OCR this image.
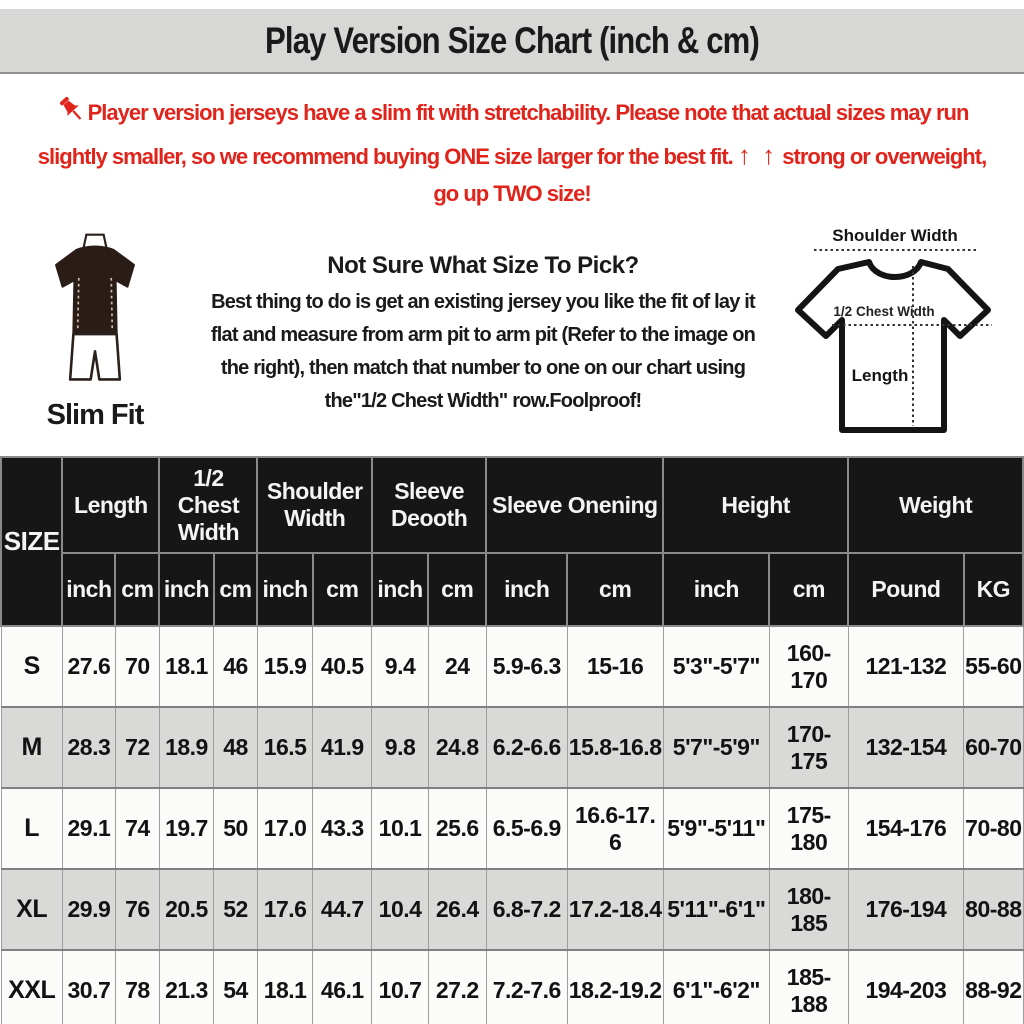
Play Version Size Chart (inch & cm)
Player version jerseys have a slim fit with stretchability. Please note that actual sizes may run
slightly smaller, so we recommend buying ONE size larger for the best fit. ↑ ↑ strong or overweight,
go up TWO size!
Slim Fit
Not Sure What Size To Pick?
Best thing to do is get an existing jersey you like the fit of lay it
flat and measure from arm pit to arm pit (Refer to the image on
the right), then match that number to one on our chart using
the"1/2 Chest Width" row.Foolproof!
Shoulder Width
1/2 Chest Width
Length
SIZE	Length		1/2 Chest Width		Shoulder Width		Sleeve Deooth		Sleeve Onening		Height		Weight	
	inch	cm	inch	cm	inch	cm	inch	cm	inch	cm	inch	cm	Pound	KG
S	27.6	70	18.1	46	15.9	40.5	9.4	24	5.9-6.3	15-16	5'3"-5'7"	160-170	121-132	55-60
M	28.3	72	18.9	48	16.5	41.9	9.8	24.8	6.2-6.6	15.8-16.8	5'7"-5'9"	170-175	132-154	60-70
L	29.1	74	19.7	50	17.0	43.3	10.1	25.6	6.5-6.9	16.6-17. 6	5'9"-5'11"	175-180	154-176	70-80
XL	29.9	76	20.5	52	17.6	44.7	10.4	26.4	6.8-7.2	17.2-18.4	5'11"-6'1"	180-185	176-194	80-88
XXL	30.7	78	21.3	54	18.1	46.1	10.7	27.2	7.2-7.6	18.2-19.2	6'1"-6'2"	185-188	194-203	88-92
